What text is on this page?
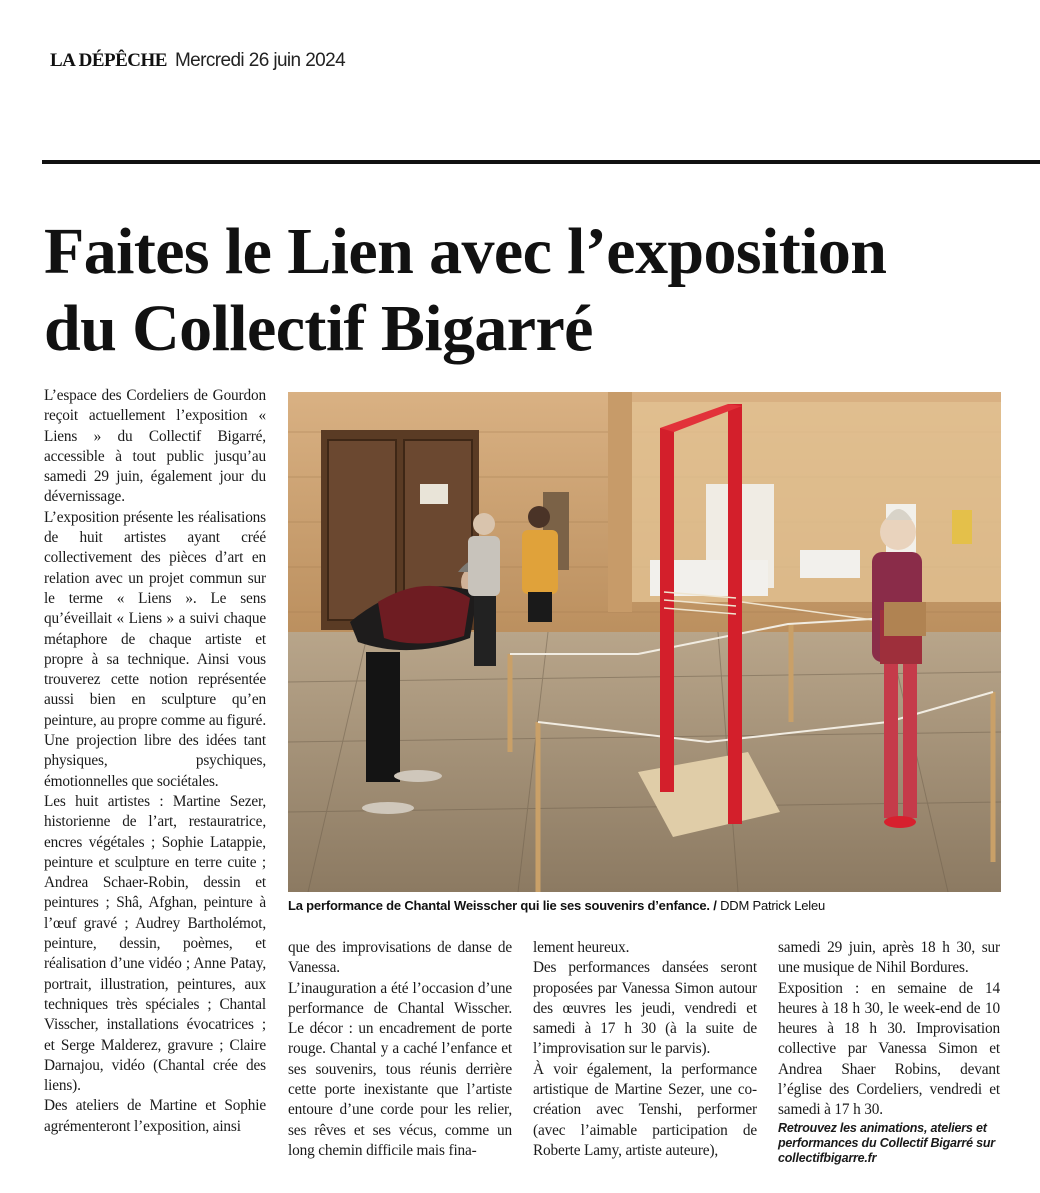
LA DÉPÊCHE Mercredi 26 juin 2024
Faites le Lien avec l’exposition
du Collectif Bigarré

L’espace des Cordeliers de Gourdon reçoit actuellement l’exposition « Liens » du Collectif Bigarré, accessible à tout public jusqu’au samedi 29 juin, également jour du dévernissage.

L’exposition présente les réalisations de huit artistes ayant créé collectivement des pièces d’art en relation avec un projet commun sur le terme « Liens ». Le sens qu’éveillait « Liens » a suivi chaque métaphore de chaque artiste et propre à sa technique. Ainsi vous trouverez cette notion représentée aussi bien en sculpture qu’en peinture, au propre comme au figuré. Une projection libre des idées tant physiques, psychiques, émotionnelles que sociétales.

Les huit artistes : Martine Sezer, historienne de l’art, restauratrice, encres végétales ; Sophie Latappie, peinture et sculpture en terre cuite ; Andrea Schaer-Robin, dessin et peintures ; Shâ, Afghan, peinture à l’œuf gravé ; Audrey Bartholémot, peinture, dessin, poèmes, et réalisation d’une vidéo ; Anne Patay, portrait, illustration, peintures, aux techniques très spéciales ; Chantal Visscher, installations évocatrices ; et Serge Malderez, gravure ; Claire Darnajou, vidéo (Chantal crée des liens).

Des ateliers de Martine et Sophie agrémenteront l’exposition, ainsi

La performance de Chantal Weisscher qui lie ses souvenirs d’enfance. / DDM Patrick Leleu

que des improvisations de danse de Vanessa.

L’inauguration a été l’occasion d’une performance de Chantal Wisscher. Le décor : un encadrement de porte rouge. Chantal y a caché l’enfance et ses souvenirs, tous réunis derrière cette porte inexistante que l’artiste entoure d’une corde pour les relier, ses rêves et ses vécus, comme un long chemin difficile mais fina-

lement heureux.

Des performances dansées seront proposées par Vanessa Simon autour des œuvres les jeudi, vendredi et samedi à 17 h 30 (à la suite de l’improvisation sur le parvis).

À voir également, la performance artistique de Martine Sezer, une co-création avec Tenshi, performer (avec l’aimable participation de Roberte Lamy, artiste auteure),

samedi 29 juin, après 18 h 30, sur une musique de Nihil Bordures.

Exposition : en semaine de 14 heures à 18 h 30, le week-end de 10 heures à 18 h 30. Improvisation collective par Vanessa Simon et Andrea Shaer Robins, devant l’église des Cordeliers, vendredi et samedi à 17 h 30.

Retrouvez les animations, ateliers et performances du Collectif Bigarré sur collectifbigarre.fr
